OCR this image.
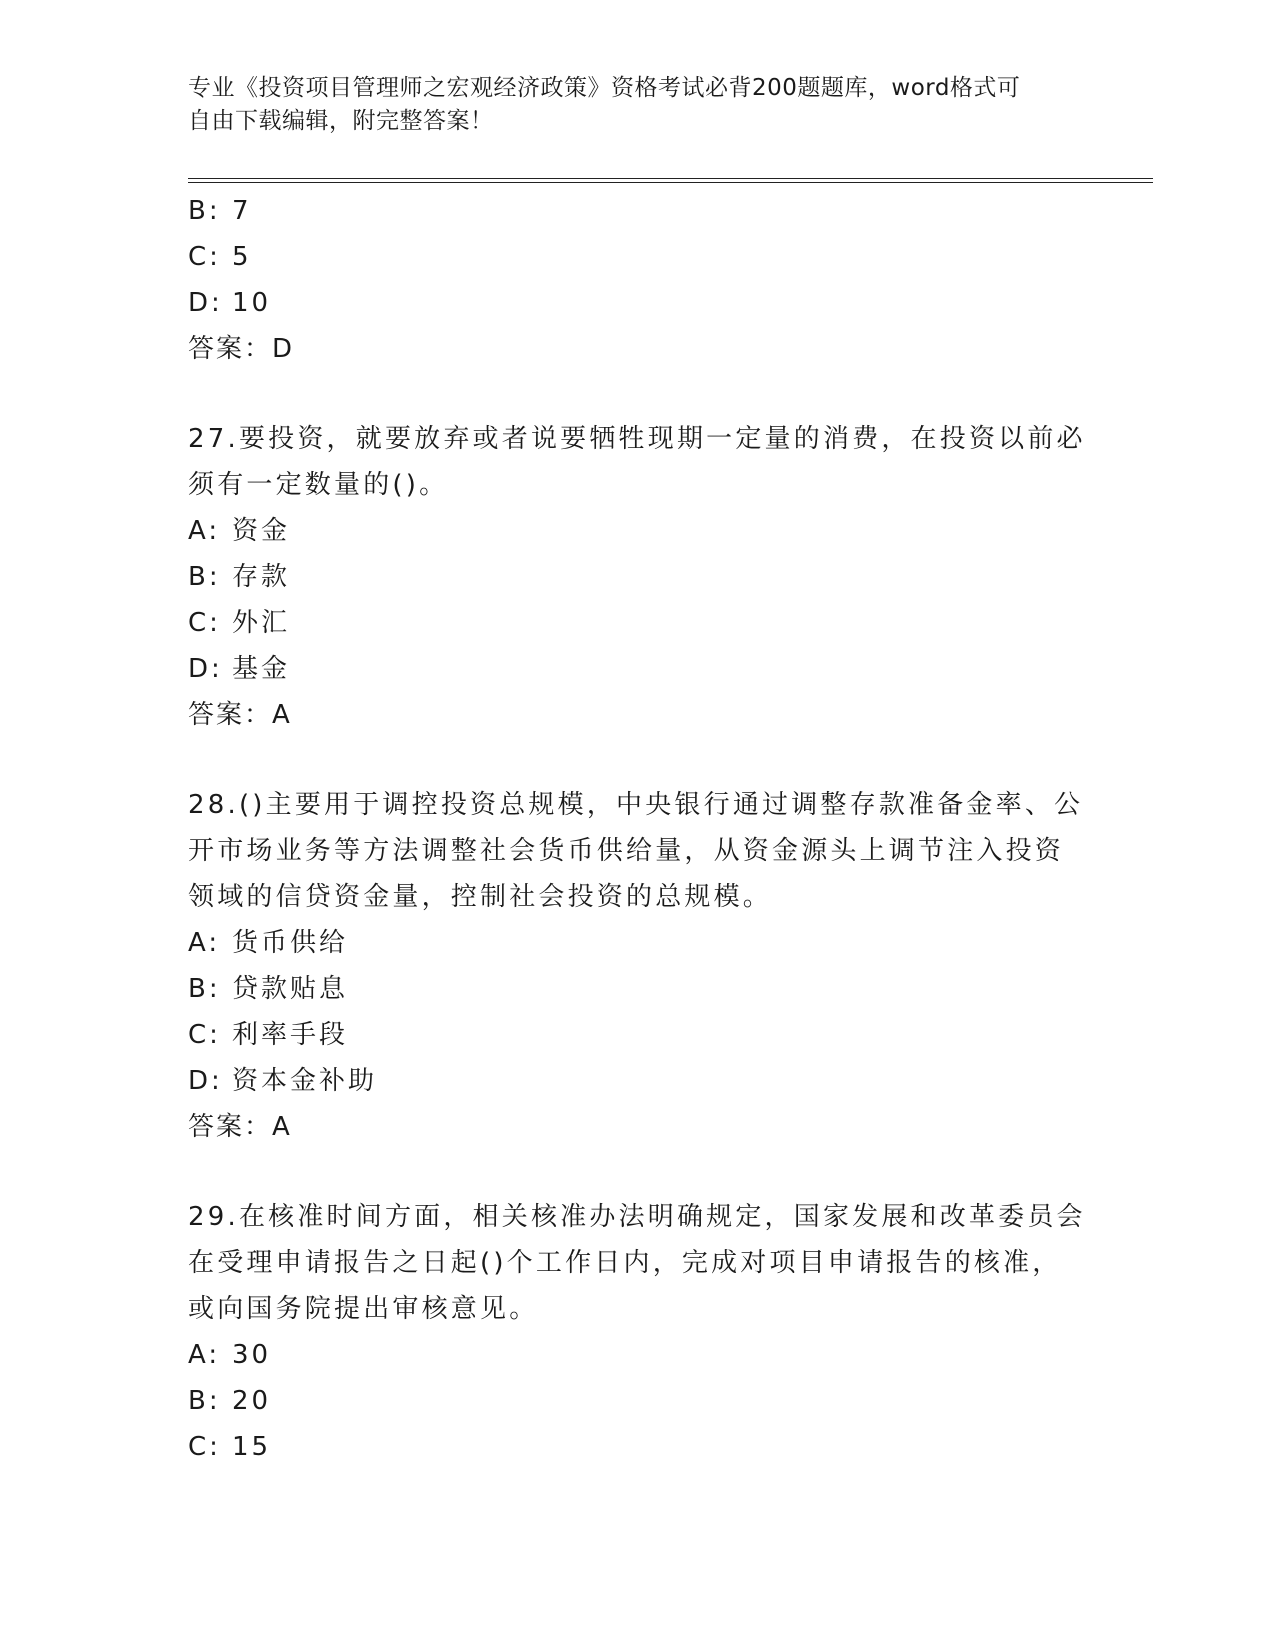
专业《投资项目管理师之宏观经济政策》资格考试必背200题题库，word格式可
自由下载编辑，附完整答案！
B: 7
C: 5
D: 10
答案：D
27.要投资，就要放弃或者说要牺牲现期一定量的消费，在投资以前必
须有一定数量的()。
A: 资金
B: 存款
C: 外汇
D: 基金
答案：A
28.()主要用于调控投资总规模，中央银行通过调整存款准备金率、公
开市场业务等方法调整社会货币供给量，从资金源头上调节注入投资
领域的信贷资金量，控制社会投资的总规模。
A: 货币供给
B: 贷款贴息
C: 利率手段
D: 资本金补助
答案：A
29.在核准时间方面，相关核准办法明确规定，国家发展和改革委员会
在受理申请报告之日起()个工作日内，完成对项目申请报告的核准，
或向国务院提出审核意见。
A: 30
B: 20
C: 15
